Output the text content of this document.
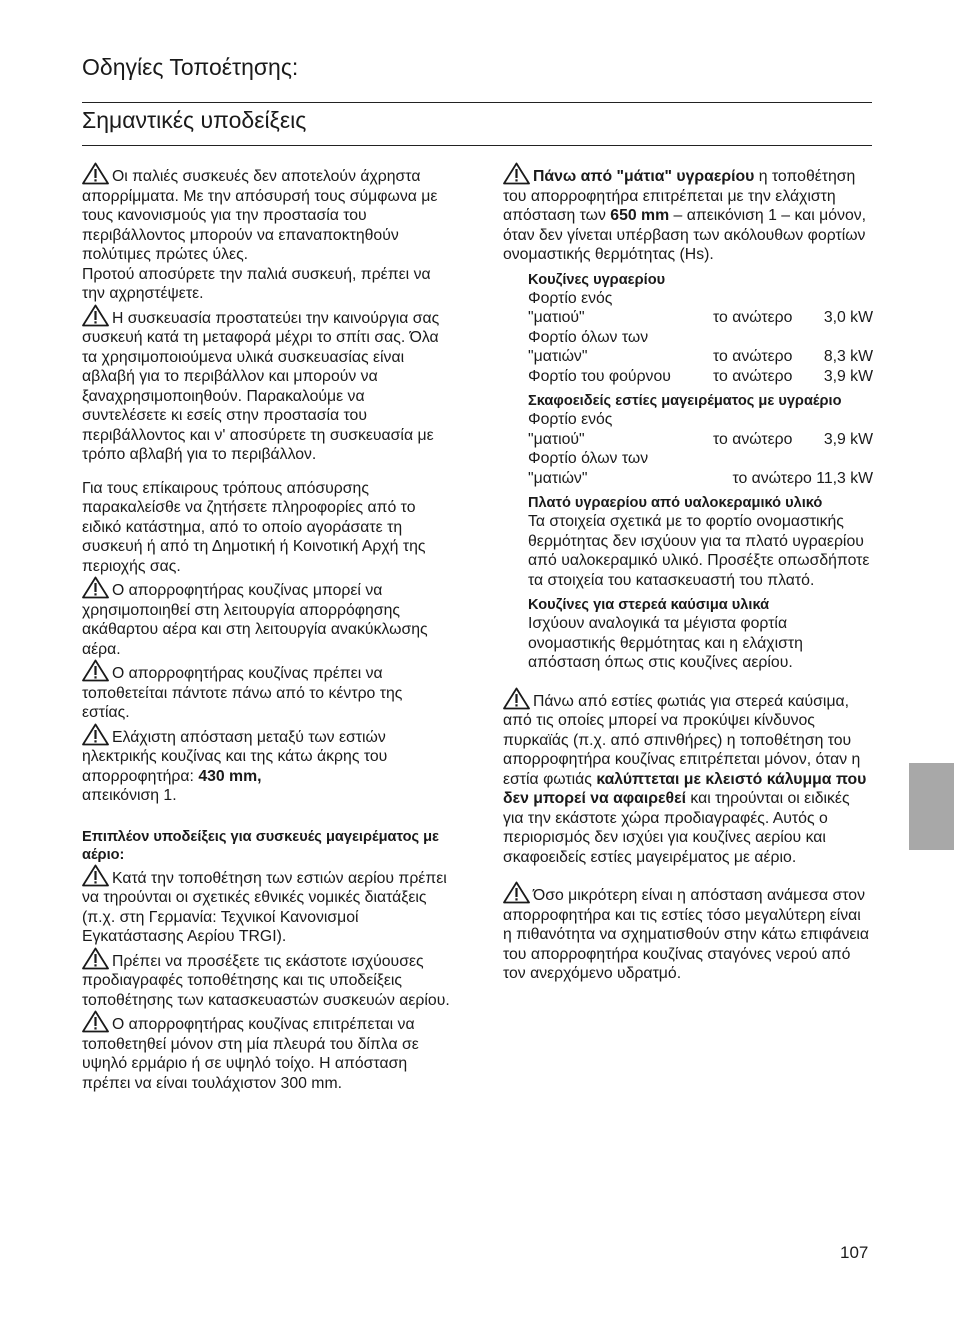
Οδηγίες Τοποέτησης:
Σημαντικές υποδείξεις

Οι παλιές συσκευές δεν αποτελούν άχρηστα απορρίμματα. Με την απόσυρσή τους σύμφωνα με τους κανονισμούς για την προστασία του περιβάλλοντος μπορούν να επαναποκτηθούν πολύτιμες πρώτες ύλες.

Προτού αποσύρετε την παλιά συσκευή, πρέπει να την αχρηστέψετε.

Η συσκευασία προστατεύει την καινούργια σας συσκευή κατά τη μεταφορά μέχρι το σπίτι σας. Όλα τα χρησιμοποιούμενα υλικά συσκευασίας είναι αβλαβή για το περιβάλλον και μπορούν να ξαναχρησιμοποιηθούν. Παρακαλούμε να συντελέσετε κι εσείς στην προστασία του περιβάλλοντος και ν' αποσύρετε τη συσκευασία με τρόπο αβλαβή για το περιβάλλον.

Για τους επίκαιρους τρόπους απόσυρσης παρακαλείσθε να ζητήσετε πληροφορίες από το ειδικό κατάστημα, από το οποίο αγοράσατε τη συσκευή ή από τη Δημοτική ή Κοινοτική Αρχή της περιοχής σας.

Ο απορροφητήρας κουζίνας μπορεί να χρησιμοποιηθεί στη λειτουργία απορρόφησης ακάθαρτου αέρα και στη λειτουργία ανακύκλωσης αέρα.

Ο απορροφητήρας κουζίνας πρέπει να τοποθετείται πάντοτε πάνω από το κέντρο της εστίας.

Ελάχιστη απόσταση μεταξύ των εστιών ηλεκτρικής κουζίνας και της κάτω άκρης του απορροφητήρα: 430 mm,
απεικόνιση 1.

Επιπλέον υποδείξεις για συσκευές μαγειρέματος με αέριο:

Κατά την τοποθέτηση των εστιών αερίου πρέπει να τηρούνται οι σχετικές εθνικές νομικές διατάξεις (π.χ. στη Γερμανία: Τεχνικοί Κανονισμοί Εγκατάστασης Αερίου TRGI).

Πρέπει να προσέξετε τις εκάστοτε ισχύουσες προδιαγραφές τοποθέτησης και τις υποδείξεις τοποθέτησης των κατασκευαστών συσκευών αερίου.

Ο απορροφητήρας κουζίνας επιτρέπεται να τοποθετηθεί μόνον στη μία πλευρά του δίπλα σε υψηλό ερμάριο ή σε υψηλό τοίχο. Η απόσταση πρέπει να είναι τουλάχιστον 300 mm.

Πάνω από "μάτια" υγραερίου η τοποθέτηση του απορροφητήρα επιτρέπεται με την ελάχιστη απόσταση των 650 mm – απεικόνιση 1 – και μόνον, όταν δεν γίνεται υπέρβαση των ακόλουθων φορτίων ονομαστικής θερμότητας (Hs).

Κουζίνες υγραερίου

Φορτίο ενός

"ματιού"	το ανώτερο	3,0 kW

Φορτίο όλων των

"ματιών"	το ανώτερο	8,3 kW
Φορτίο του φούρνου	το ανώτερο	3,9 kW

Σκαφοειδείς εστίες μαγειρέματος με υγραέριο

Φορτίο ενός

"ματιού"	το ανώτερο	3,9 kW

Φορτίο όλων των

"ματιών"	το ανώτερο 11,3 kW

Πλατό υγραερίου από υαλοκεραμικό υλικό

Τα στοιχεία σχετικά με το φορτίο ονομαστικής θερμότητας δεν ισχύουν για τα πλατό υγραερίου από υαλοκεραμικό υλικό. Προσέξτε οπωσδήποτε τα στοιχεία του κατασκευαστή του πλατό.

Κουζίνες για στερεά καύσιμα υλικά

Ισχύουν αναλογικά τα μέγιστα φορτία ονομαστικής θερμότητας και η ελάχιστη απόσταση όπως στις κουζίνες αερίου.

Πάνω από εστίες φωτιάς για στερεά καύσιμα, από τις οποίες μπορεί να προκύψει κίνδυνος πυρκαϊάς (π.χ. από σπινθήρες) η τοποθέτηση του απορροφητήρα κουζίνας επιτρέπεται μόνον, όταν η εστία φωτιάς καλύπτεται με κλειστό κάλυμμα που δεν μπορεί να αφαιρεθεί και τηρούνται οι ειδικές για την εκάστοτε χώρα προδιαγραφές. Αυτός ο περιορισμός δεν ισχύει για κουζίνες αερίου και σκαφοειδείς εστίες μαγειρέματος με αέριο.

Όσο μικρότερη είναι η απόσταση ανάμεσα στον απορροφητήρα και τις εστίες τόσο μεγαλύτερη είναι η πιθανότητα να σχηματισθούν στην κάτω επιφάνεια του απορροφητήρα κουζίνας σταγόνες νερού από τον ανερχόμενο υδρατμό.

107
